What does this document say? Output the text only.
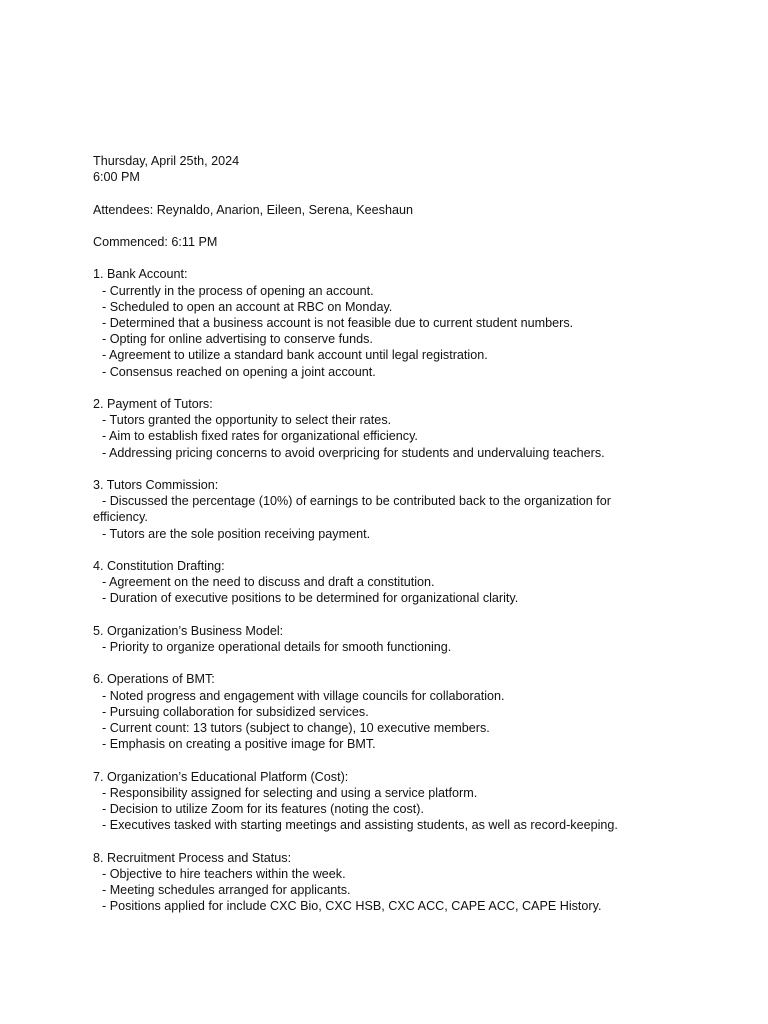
Thursday, April 25th, 2024

6:00 PM

Attendees: Reynaldo, Anarion, Eileen, Serena, Keeshaun

Commenced: 6:11 PM

1. Bank Account:

- Currently in the process of opening an account.

- Scheduled to open an account at RBC on Monday.

- Determined that a business account is not feasible due to current student numbers.

- Opting for online advertising to conserve funds.

- Agreement to utilize a standard bank account until legal registration.

- Consensus reached on opening a joint account.

2. Payment of Tutors:

- Tutors granted the opportunity to select their rates.

- Aim to establish fixed rates for organizational efficiency.

- Addressing pricing concerns to avoid overpricing for students and undervaluing teachers.

3. Tutors Commission:

- Discussed the percentage (10%) of earnings to be contributed back to the organization for efficiency.

- Tutors are the sole position receiving payment.

4. Constitution Drafting:

- Agreement on the need to discuss and draft a constitution.

- Duration of executive positions to be determined for organizational clarity.

5. Organization’s Business Model:

- Priority to organize operational details for smooth functioning.

6. Operations of BMT:

- Noted progress and engagement with village councils for collaboration.

- Pursuing collaboration for subsidized services.

- Current count: 13 tutors (subject to change), 10 executive members.

- Emphasis on creating a positive image for BMT.

7. Organization’s Educational Platform (Cost):

- Responsibility assigned for selecting and using a service platform.

- Decision to utilize Zoom for its features (noting the cost).

- Executives tasked with starting meetings and assisting students, as well as record-keeping.

8. Recruitment Process and Status:

- Objective to hire teachers within the week.

- Meeting schedules arranged for applicants.

- Positions applied for include CXC Bio, CXC HSB, CXC ACC, CAPE ACC, CAPE History.
